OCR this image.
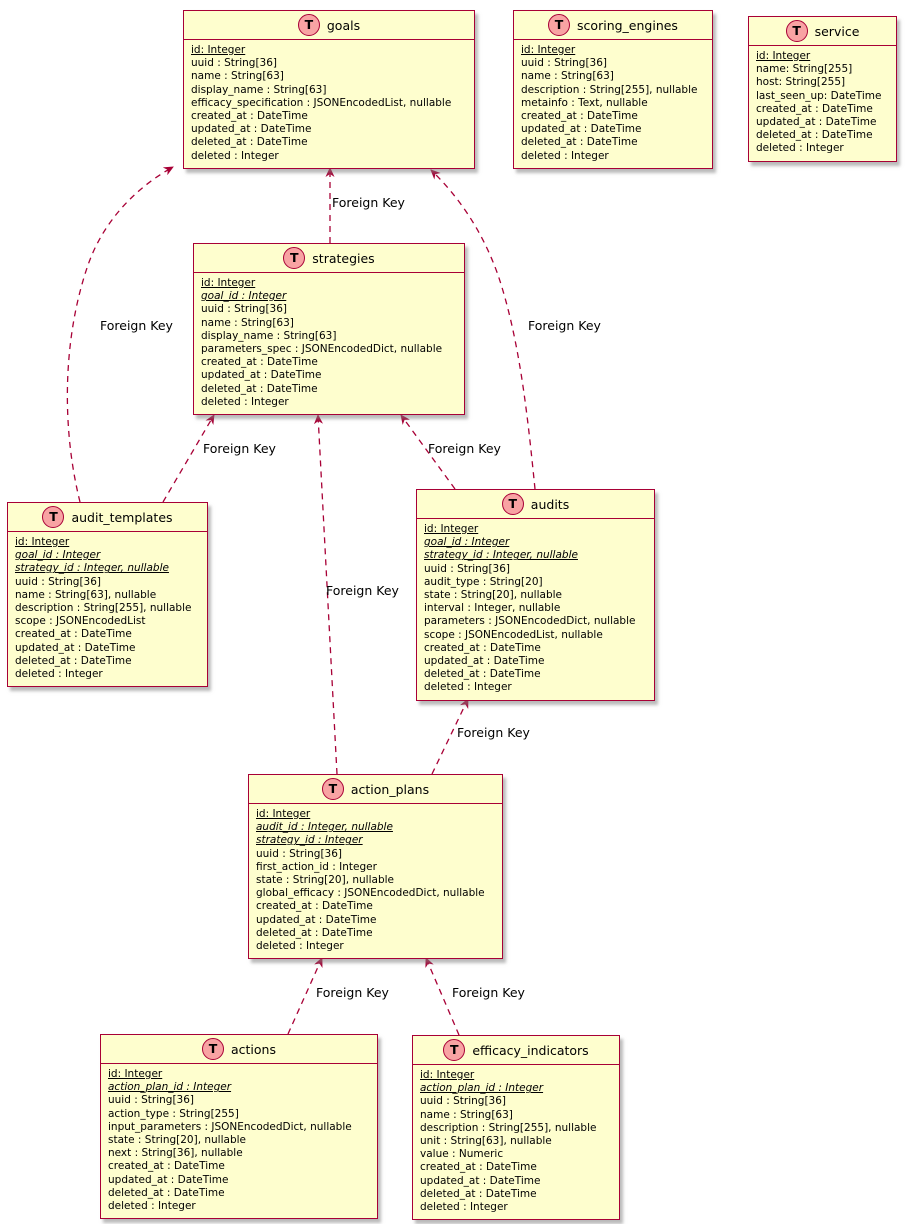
T	goals
id: Integer
uuid : String[36]
name : String[63]
display_name : String[63]
efficacy_specification : JSONEncodedList, nullable
created_at : DateTime
updated_at : DateTime
deleted_at : DateTime
deleted : Integer
T	scoring_engines
id: Integer
uuid : String[36]
name : String[63]
description : String[255], nullable
metainfo : Text, nullable
created_at : DateTime
updated_at : DateTime
deleted_at : DateTime
deleted : Integer
T	service
id: Integer
name: String[255]
host: String[255]
last_seen_up: DateTime
created_at : DateTime
updated_at : DateTime
deleted_at : DateTime
deleted : Integer
T	strategies
id: Integer
goal_id : Integer
uuid : String[36]
name : String[63]
display_name : String[63]
parameters_spec : JSONEncodedDict, nullable
created_at : DateTime
updated_at : DateTime
deleted_at : DateTime
deleted : Integer
T	audit_templates
id: Integer
goal_id : Integer
strategy_id : Integer, nullable
uuid : String[36]
name : String[63], nullable
description : String[255], nullable
scope : JSONEncodedList
created_at : DateTime
updated_at : DateTime
deleted_at : DateTime
deleted : Integer
T	audits
id: Integer
goal_id : Integer
strategy_id : Integer, nullable
uuid : String[36]
audit_type : String[20]
state : String[20], nullable
interval : Integer, nullable
parameters : JSONEncodedDict, nullable
scope : JSONEncodedList, nullable
created_at : DateTime
updated_at : DateTime
deleted_at : DateTime
deleted : Integer
T	action_plans
id: Integer
audit_id : Integer, nullable
strategy_id : Integer
uuid : String[36]
first_action_id : Integer
state : String[20], nullable
global_efficacy : JSONEncodedDict, nullable
created_at : DateTime
updated_at : DateTime
deleted_at : DateTime
deleted : Integer
T	actions
id: Integer
action_plan_id : Integer
uuid : String[36]
action_type : String[255]
input_parameters : JSONEncodedDict, nullable
state : String[20], nullable
next : String[36], nullable
created_at : DateTime
updated_at : DateTime
deleted_at : DateTime
deleted : Integer
T	efficacy_indicators
id: Integer
action_plan_id : Integer
uuid : String[36]
name : String[63]
description : String[255], nullable
unit : String[63], nullable
value : Numeric
created_at : DateTime
updated_at : DateTime
deleted_at : DateTime
deleted : Integer
Foreign Key
Foreign Key	Foreign Key
Foreign Key	Foreign Key
Foreign Key
Foreign Key
Foreign Key	Foreign Key
